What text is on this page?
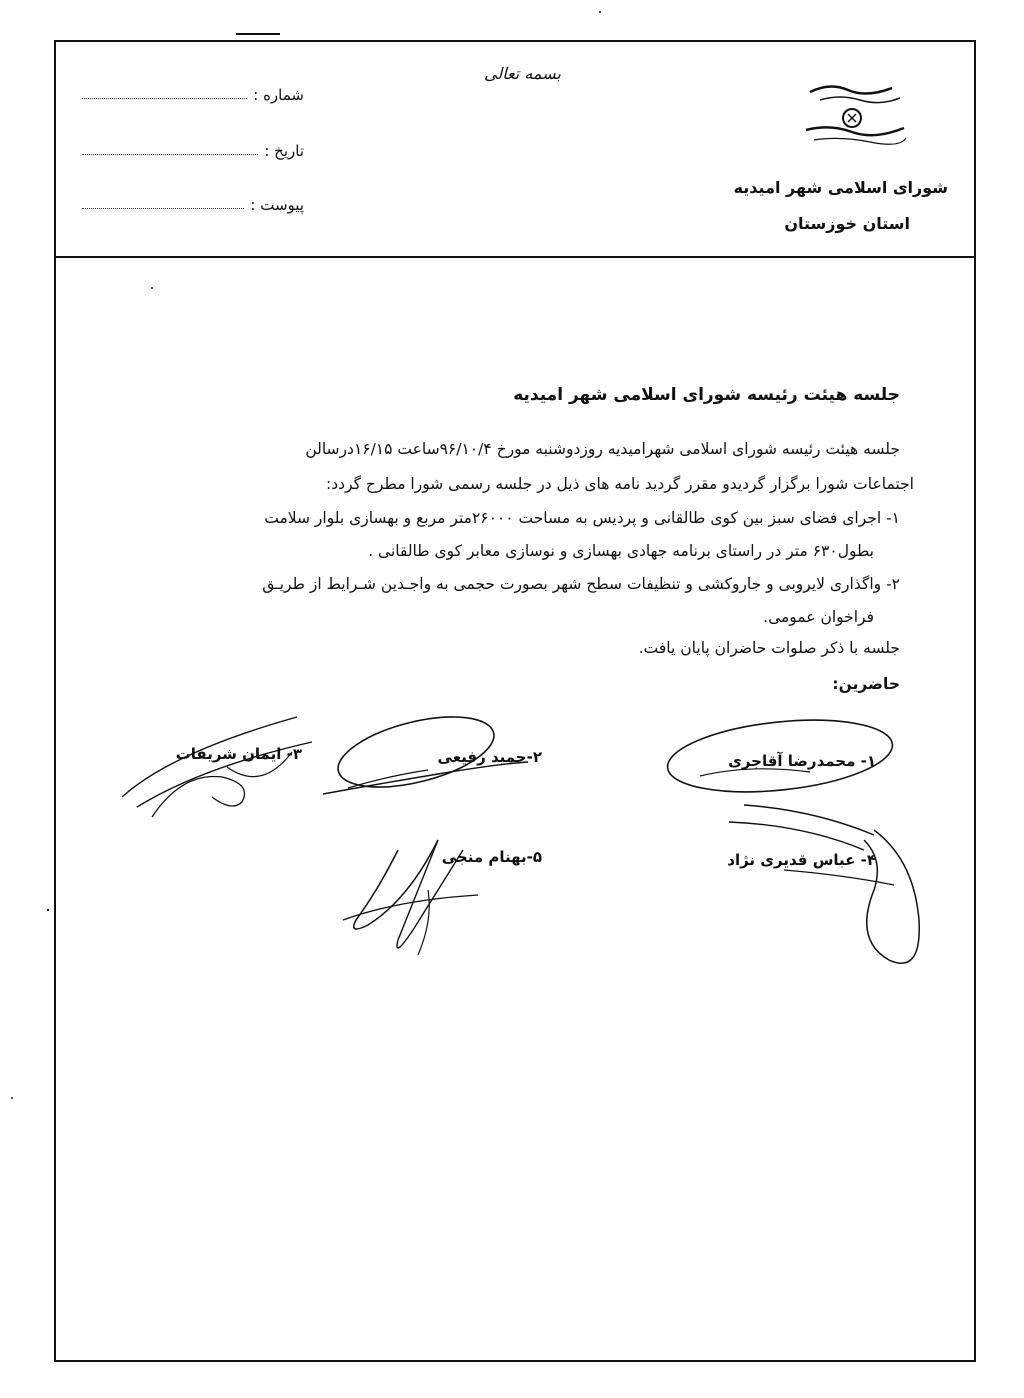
بسمه تعالی
شماره :
تاریخ :
پیوست :
شورای اسلامی شهر امیدیه
استان خوزستان
جلسه هیئت رئیسه شورای اسلامی شهر امیدیه
جلسه هیئت رئیسه شورای اسلامی شهرامیدیه روزدوشنبه مورخ ۹۶/۱۰/۴ساعت ۱۶/۱۵درسالن
اجتماعات شورا برگزار گردیدو مقرر گردید نامه های ذیل در جلسه رسمی شورا مطرح گردد:
۱- اجرای فضای سبز بین کوی طالقانی و پردیس به مساحت ۲۶۰۰۰متر مربع و بهسازی بلوار سلامت
بطول۶۳۰ متر در راستای برنامه جهادی بهسازی و نوسازی معابر کوی طالقانی .
۲- واگذاری لایروبی و جاروکشی و تنظیفات سطح شهر بصورت حجمی به واجـدین شـرایط از طریـق
فراخوان عمومی.
جلسه با ذکر صلوات حاضران پایان یافت.
حاضرین:
۱- محمدرضا آقاجری
۲-حمید رفیعی
۳- ایمان شریفات
۴- عباس قدیری نژاد
۵-بهنام منجی
